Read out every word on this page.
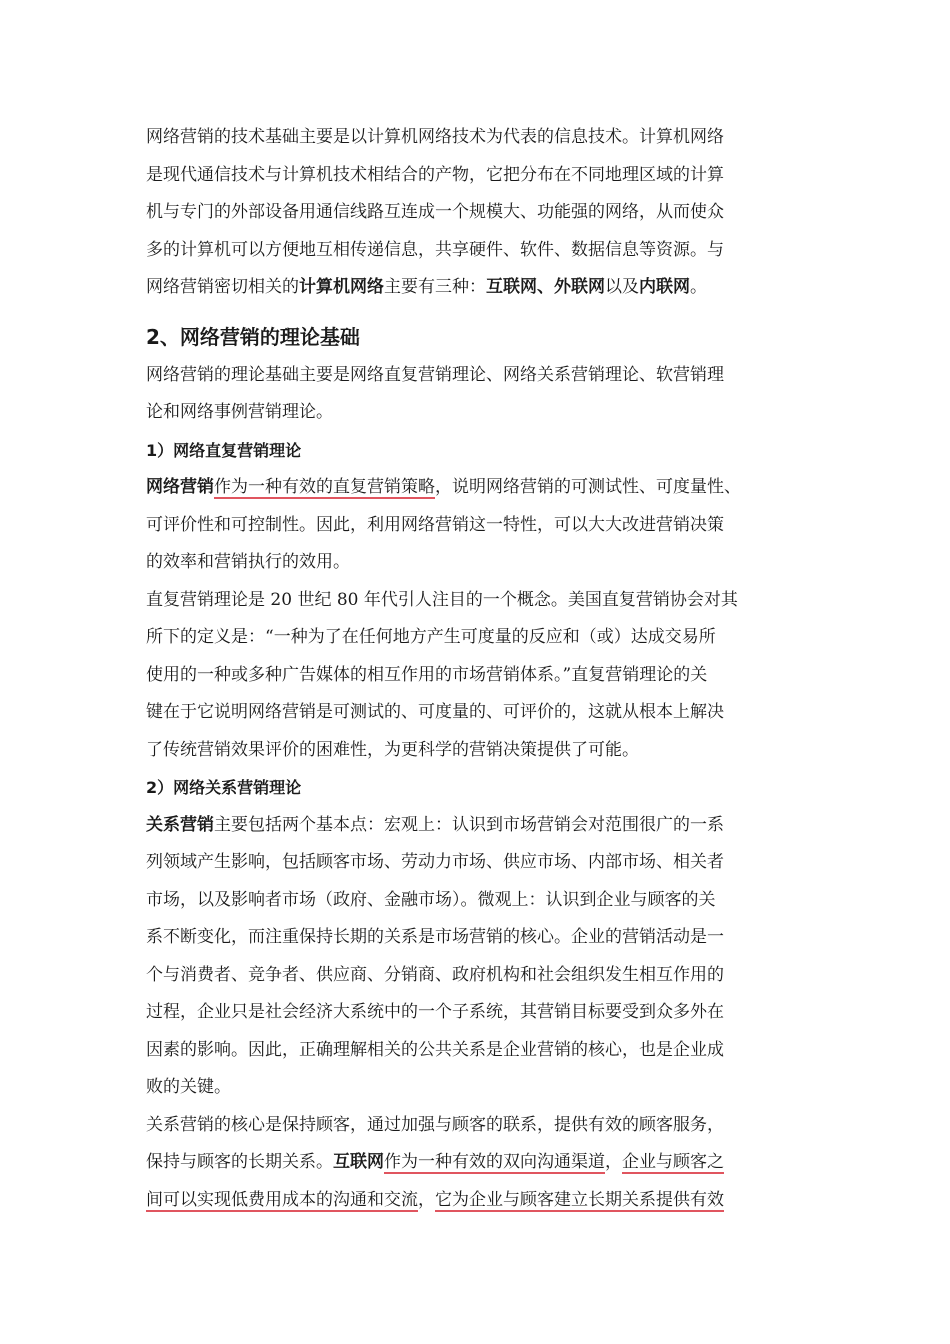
网络营销的技术基础主要是以计算机网络技术为代表的信息技术。计算机网络
是现代通信技术与计算机技术相结合的产物，它把分布在不同地理区域的计算
机与专门的外部设备用通信线路互连成一个规模大、功能强的网络，从而使众
多的计算机可以方便地互相传递信息，共享硬件、软件、数据信息等资源。与
网络营销密切相关的计算机网络主要有三种：互联网、外联网以及内联网。
2、网络营销的理论基础
网络营销的理论基础主要是网络直复营销理论、网络关系营销理论、软营销理
论和网络事例营销理论。
1）网络直复营销理论
网络营销作为一种有效的直复营销策略，说明网络营销的可测试性、可度量性、
可评价性和可控制性。因此，利用网络营销这一特性，可以大大改进营销决策
的效率和营销执行的效用。
直复营销理论是 20 世纪 80 年代引人注目的一个概念。美国直复营销协会对其
所下的定义是：“一种为了在任何地方产生可度量的反应和（或）达成交易所
使用的一种或多种广告媒体的相互作用的市场营销体系。”直复营销理论的关
键在于它说明网络营销是可测试的、可度量的、可评价的，这就从根本上解决
了传统营销效果评价的困难性，为更科学的营销决策提供了可能。
2）网络关系营销理论
关系营销主要包括两个基本点：宏观上：认识到市场营销会对范围很广的一系
列领域产生影响，包括顾客市场、劳动力市场、供应市场、内部市场、相关者
市场，以及影响者市场（政府、金融市场）。微观上：认识到企业与顾客的关
系不断变化，而注重保持长期的关系是市场营销的核心。企业的营销活动是一
个与消费者、竞争者、供应商、分销商、政府机构和社会组织发生相互作用的
过程，企业只是社会经济大系统中的一个子系统，其营销目标要受到众多外在
因素的影响。因此，正确理解相关的公共关系是企业营销的核心，也是企业成
败的关键。
关系营销的核心是保持顾客，通过加强与顾客的联系，提供有效的顾客服务，
保持与顾客的长期关系。互联网作为一种有效的双向沟通渠道，企业与顾客之
间可以实现低费用成本的沟通和交流，它为企业与顾客建立长期关系提供有效
